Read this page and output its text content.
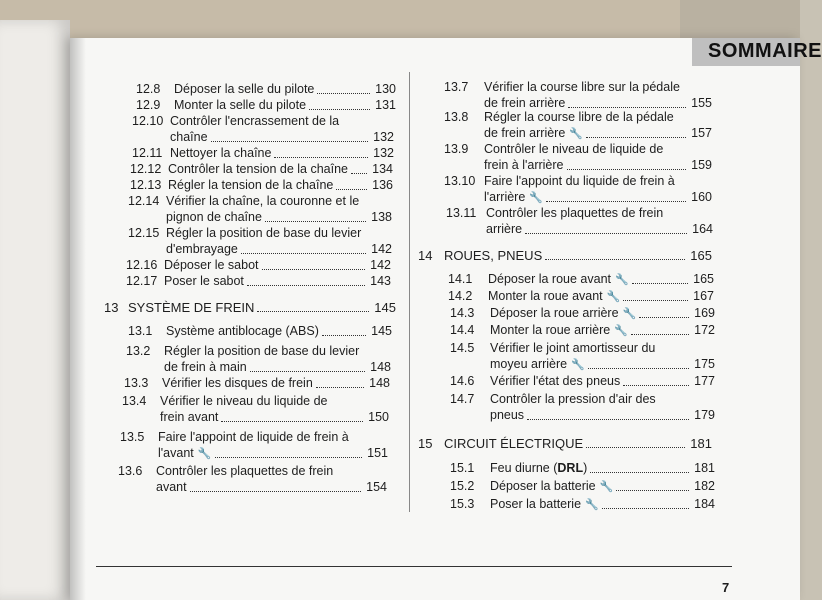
SOMMAIRE
12.8 Déposer la selle du pilote	130
12.9 Monter la selle du pilote	131
12.10 Contrôler l'encrassement de la
chaîne	132
12.11 Nettoyer la chaîne	132
12.12 Contrôler la tension de la chaîne 134
12.13 Régler la tension de la chaîne	136
12.14 Vérifier la chaîne, la couronne et le
pignon de chaîne	138
12.15 Régler la position de base du levier
d'embrayage	142
12.16 Déposer le sabot	142
12.17 Poser le sabot	143
13 SYSTÈME DE FREIN	145
13.1 Système antiblocage (ABS)	145
13.2 Régler la position de base du levier
de frein à main	148
13.3 Vérifier les disques de frein	148
13.4 Vérifier le niveau du liquide de
frein avant	150
13.5 Faire l'appoint de liquide de frein à
l'avant 🔧	151
13.6 Contrôler les plaquettes de frein
avant	154
13.7 Vérifier la course libre sur la pédale
de frein arrière	155
13.8 Régler la course libre de la pédale
de frein arrière 🔧	157
13.9 Contrôler le niveau de liquide de
frein à l'arrière	159
13.10 Faire l'appoint du liquide de frein à
l'arrière 🔧	160
13.11 Contrôler les plaquettes de frein
arrière	164
14 ROUES, PNEUS	165
14.1 Déposer la roue avant 🔧	165
14.2 Monter la roue avant 🔧	167
14.3 Déposer la roue arrière 🔧	169
14.4 Monter la roue arrière 🔧	172
14.5 Vérifier le joint amortisseur du
moyeu arrière 🔧	175
14.6 Vérifier l'état des pneus	177
14.7 Contrôler la pression d'air des
pneus	179
15 CIRCUIT ÉLECTRIQUE	181
15.1 Feu diurne (DRL)	181
15.2 Déposer la batterie 🔧	182
15.3 Poser la batterie 🔧	184
7
